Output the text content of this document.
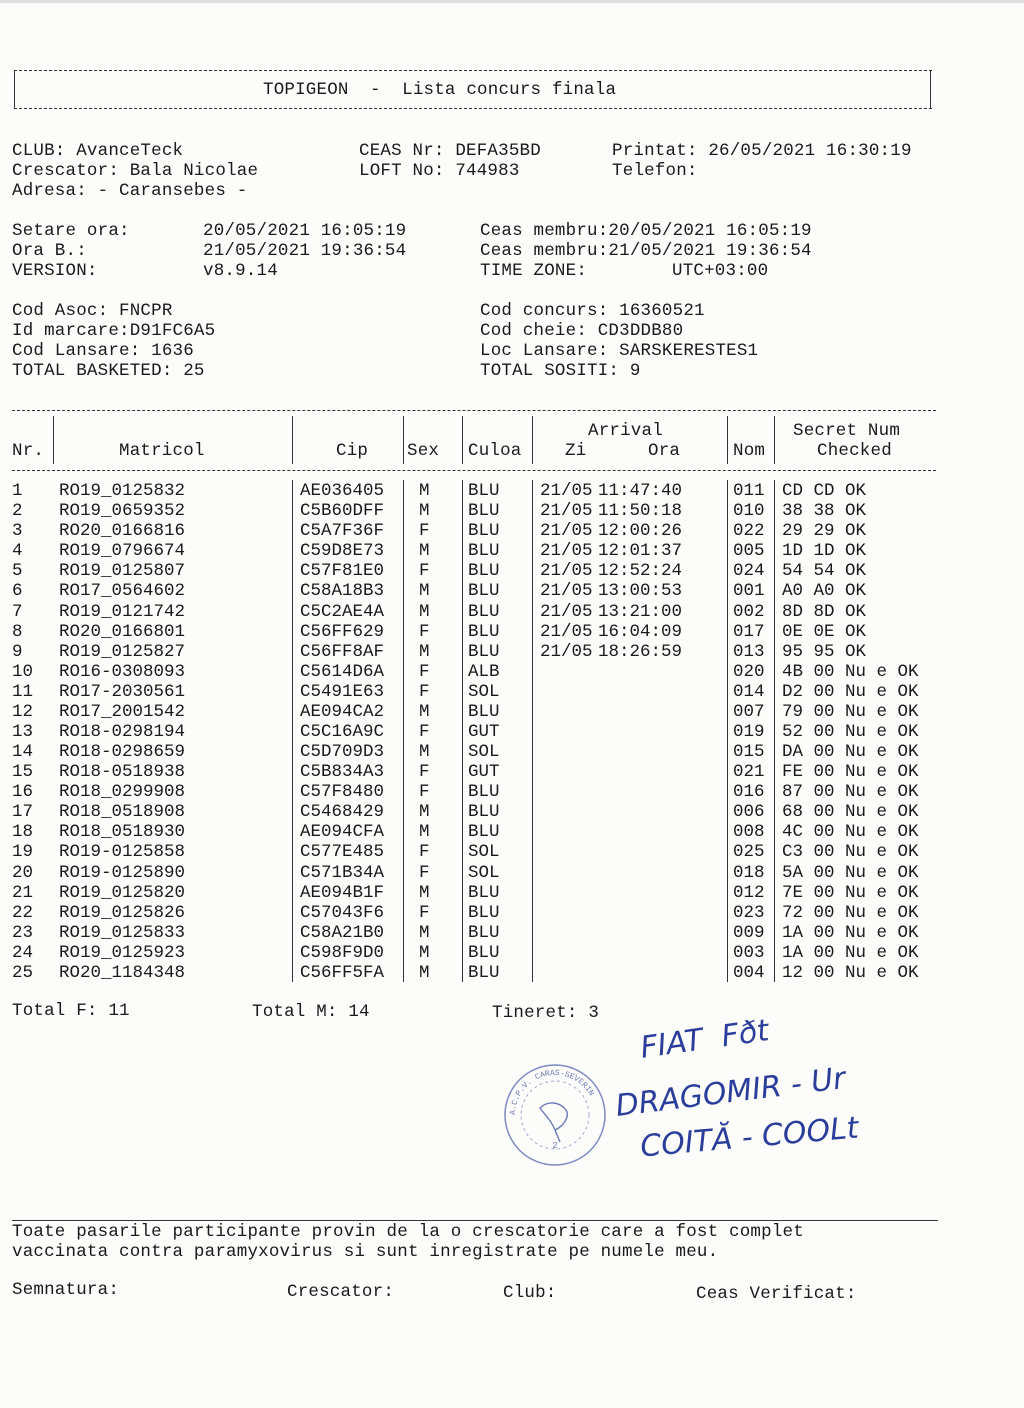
TOPIGEON  -  Lista concurs finala
CLUB: AvanceTeck
Crescator: Bala Nicolae
Adresa: - Caransebes -
CEAS Nr: DEFA35BD
LOFT No: 744983
Printat: 26/05/2021 16:30:19
Telefon:
Setare ora:	20/05/2021 16:05:19
Ora B.:	21/05/2021 19:36:54
VERSION:	v8.9.14
Ceas membru:20/05/2021 16:05:19
Ceas membru:21/05/2021 19:36:54
TIME ZONE:	UTC+03:00
Cod Asoc: FNCPR
Id marcare:D91FC6A5
Cod Lansare: 1636
TOTAL BASKETED: 25
Cod concurs: 16360521
Cod cheie: CD3DDB80
Loc Lansare: SARSKERESTES1
TOTAL SOSITI: 9
Nr.	Matricol	Cip Sex Culoa
Arrival
Zi	Ora	Nom
Secret Num
Checked
1 RO19_0125832	AE036405 M BLU 21/05 11:47:40	011 CD CD OK
2 RO19_0659352	C5B60DFF M BLU 21/05 11:50:18	010 38 38 OK
3 RO20_0166816	C5A7F36F F BLU 21/05 12:00:26	022 29 29 OK
4 RO19_0796674	C59D8E73 M BLU 21/05 12:01:37	005 1D 1D OK
5 RO19_0125807	C57F81E0 F BLU 21/05 12:52:24	024 54 54 OK
6 RO17_0564602	C58A18B3 M BLU 21/05 13:00:53	001 A0 A0 OK
7 RO19_0121742	C5C2AE4A M BLU 21/05 13:21:00	002 8D 8D OK
8 RO20_0166801	C56FF629 F BLU 21/05 16:04:09	017 0E 0E OK
9 RO19_0125827	C56FF8AF M BLU 21/05 18:26:59	013 95 95 OK
10 RO16-0308093	C5614D6A F ALB	020 4B 00 Nu e OK
11 RO17-2030561	C5491E63 F SOL	014 D2 00 Nu e OK
12 RO17_2001542	AE094CA2 M BLU	007 79 00 Nu e OK
13 RO18-0298194	C5C16A9C F GUT	019 52 00 Nu e OK
14 RO18-0298659	C5D709D3 M SOL	015 DA 00 Nu e OK
15 RO18-0518938	C5B834A3 F GUT	021 FE 00 Nu e OK
16 RO18_0299908	C57F8480 F BLU	016 87 00 Nu e OK
17 RO18_0518908	C5468429 M BLU	006 68 00 Nu e OK
18 RO18_0518930	AE094CFA M BLU	008 4C 00 Nu e OK
19 RO19-0125858	C577E485 F SOL	025 C3 00 Nu e OK
20 RO19-0125890	C571B34A F SOL	018 5A 00 Nu e OK
21 RO19_0125820	AE094B1F M BLU	012 7E 00 Nu e OK
22 RO19_0125826	C57043F6 F BLU	023 72 00 Nu e OK
23 RO19_0125833	C58A21B0 M BLU	009 1A 00 Nu e OK
24 RO19_0125923	C598F9D0 M BLU	003 1A 00 Nu e OK
25 RO20_1184348	C56FF5FA M BLU	004 12 00 Nu e OK
Total F: 11	Total M: 14	Tineret: 3
2
A.C.P.V. CARAS-SEVERIN
FIAT  Fðt
DRAGOMIR - Ur
COITĂ - COOLt
Toate pasarile participante provin de la o crescatorie care a fost complet
vaccinata contra paramyxovirus si sunt inregistrate pe numele meu.
Semnatura:	Crescator:	Club:	Ceas Verificat:
